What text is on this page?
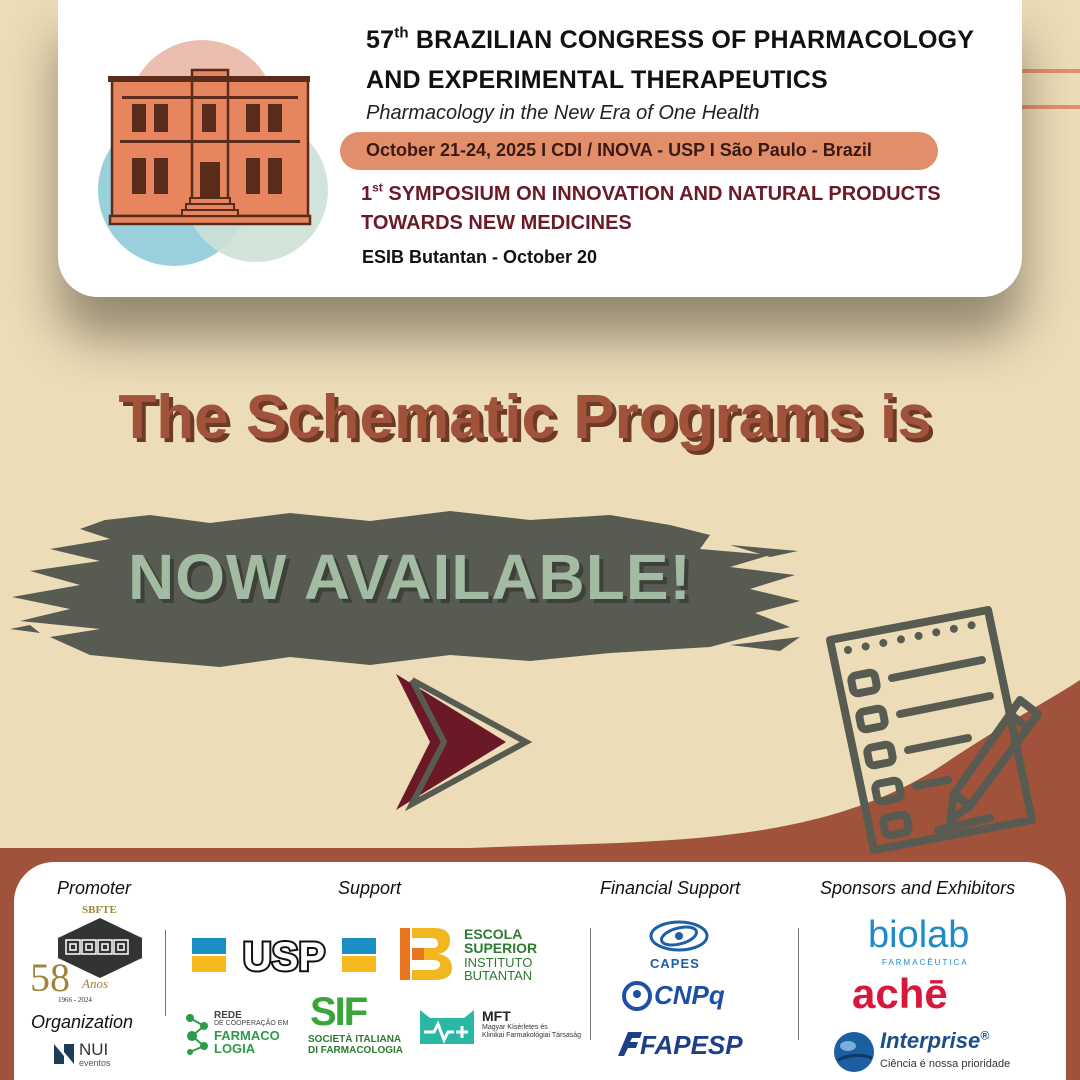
57th BRAZILIAN CONGRESS OF PHARMACOLOGY
AND EXPERIMENTAL THERAPEUTICS
Pharmacology in the New Era of One Health
October 21-24, 2025 I CDI / INOVA - USP I São Paulo - Brazil
1st SYMPOSIUM ON INNOVATION AND NATURAL PRODUCTS
TOWARDS NEW MEDICINES
ESIB Butantan - October 20
The Schematic Programs is
NOW AVAILABLE!
Promoter	Support	Financial Support	Sponsors and Exhibitors
Organization
SBFTE
58 Anos
1966 - 2024
NUI
eventos
USP
ESCOLA
SUPERIOR
INSTITUTO
BUTANTAN
REDE
DE COOPERAÇÃO EM
FARMACO
LOGIA
SIF
SOCIETÀ ITALIANA
DI FARMACOLOGIA
MFT
Magyar Kísérletes és
Klinikai Farmakológiai Társaság
CAPES
CNPq
FAPESP
biolab
FARMACÊUTICA
achē
Interprise®
Ciência é nossa prioridade
